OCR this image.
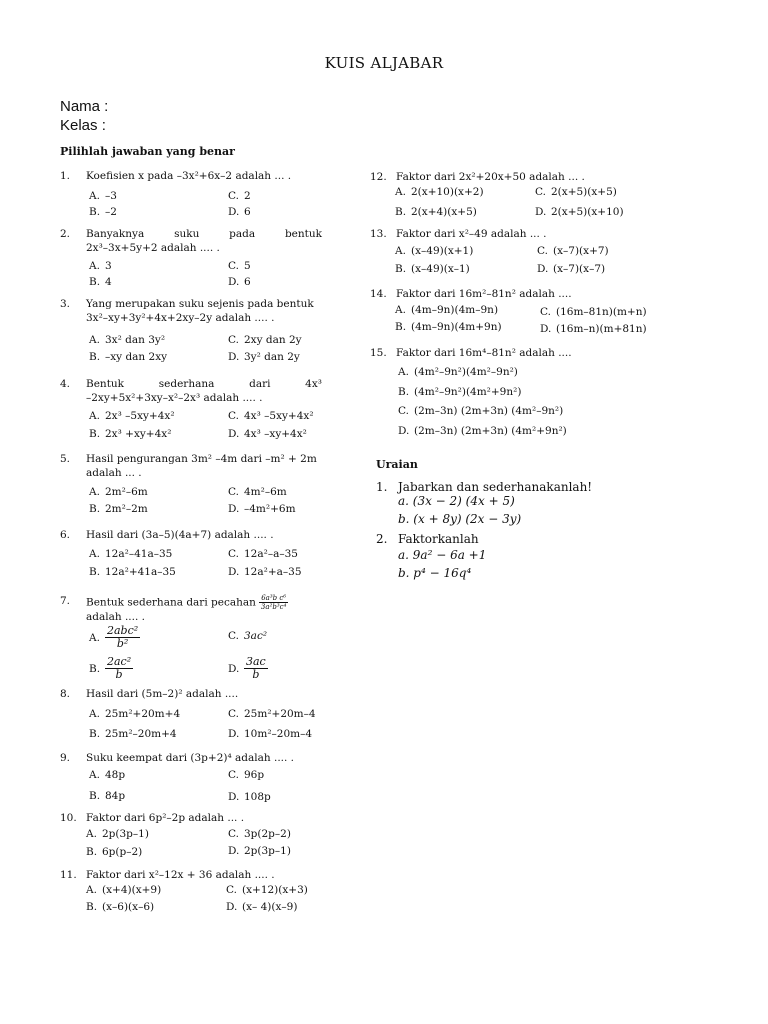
KUIS ALJABAR
Nama :
Kelas :
Pilihlah jawaban yang benar
1.	Koefisien x pada –3x²+6x–2 adalah ... .
A. –3
B. –2
C. 2
D. 6
2.	Banyaknya suku pada bentuk
2x³–3x+5y+2 adalah .... .
A. 3
B. 4
C. 5
D. 6
3.	Yang merupakan suku sejenis pada bentuk
3x²–xy+3y²+4x+2xy–2y adalah .... .
A. 3x² dan 3y²
B. –xy dan 2xy
C. 2xy dan 2y
D. 3y² dan 2y
4.	Bentuk sederhana dari 4x³
–2xy+5x²+3xy–x²–2x³ adalah .... .
A. 2x³ –5xy+4x²
B. 2x³ +xy+4x²
C. 4x³ –5xy+4x²
D. 4x³ –xy+4x²
5.	Hasil pengurangan 3m² –4m dari –m² + 2m
adalah ... .
A. 2m²–6m
B. 2m²–2m
C. 4m²–6m
D. –4m²+6m
6.	Hasil dari (3a–5)(4a+7) adalah .... .
A. 12a²–41a–35
B. 12a²+41a–35
C. 12a²–a–35
D. 12a²+a–35
7.	Bentuk sederhana dari pecahan $\frac{\text{6a³b c⁶}}{\text{3a²b³c⁴}}$
adalah .... .
A. $\frac{\text{2abc²}}{\text{b²}}$
B. $\frac{\text{2ac²}}{b}$
C. 3ac²
D. $\frac{3ac}{b}$
8.	Hasil dari (5m–2)² adalah ....
A. 25m²+20m+4
B. 25m²–20m+4
C. 25m²+20m–4
D. 10m²–20m–4
9.	Suku keempat dari (3p+2)⁴ adalah .... .
A. 48p
B. 84p
C. 96p
D. 108p
10. Faktor dari 6p²–2p adalah ... .
A. 2p(3p–1)
B. 6p(p–2)
C. 3p(2p–2)
D. 2p(3p–1)
11. Faktor dari x²–12x + 36 adalah .... .
A. (x+4)(x+9)
B. (x–6)(x–6)
C. (x+12)(x+3)
D. (x– 4)(x–9)
12. Faktor dari 2x²+20x+50 adalah ... .
A. 2(x+10)(x+2)
B. 2(x+4)(x+5)
C. 2(x+5)(x+5)
D. 2(x+5)(x+10)
13. Faktor dari x²–49 adalah ... .
A. (x–49)(x+1)
B. (x–49)(x–1)
C. (x–7)(x+7)
D. (x–7)(x–7)
14. Faktor dari 16m²–81n² adalah ....
A. (4m–9n)(4m–9n)
B. (4m–9n)(4m+9n)
C. (16m–81n)(m+n)
D. (16m–n)(m+81n)
15. Faktor dari 16m⁴–81n² adalah ....
A. (4m²–9n²)(4m²–9n²)
B. (4m²–9n²)(4m²+9n²)
C. (2m–3n) (2m+3n) (4m²–9n²)
D. (2m–3n) (2m+3n) (4m²+9n²)
Uraian
1. Jabarkan dan sederhanakanlah!
a. (3x − 2) (4x + 5)
b. (x + 8y) (2x − 3y)
2. Faktorkanlah
a. 9a² − 6a +1
b. p⁴ − 16q⁴
